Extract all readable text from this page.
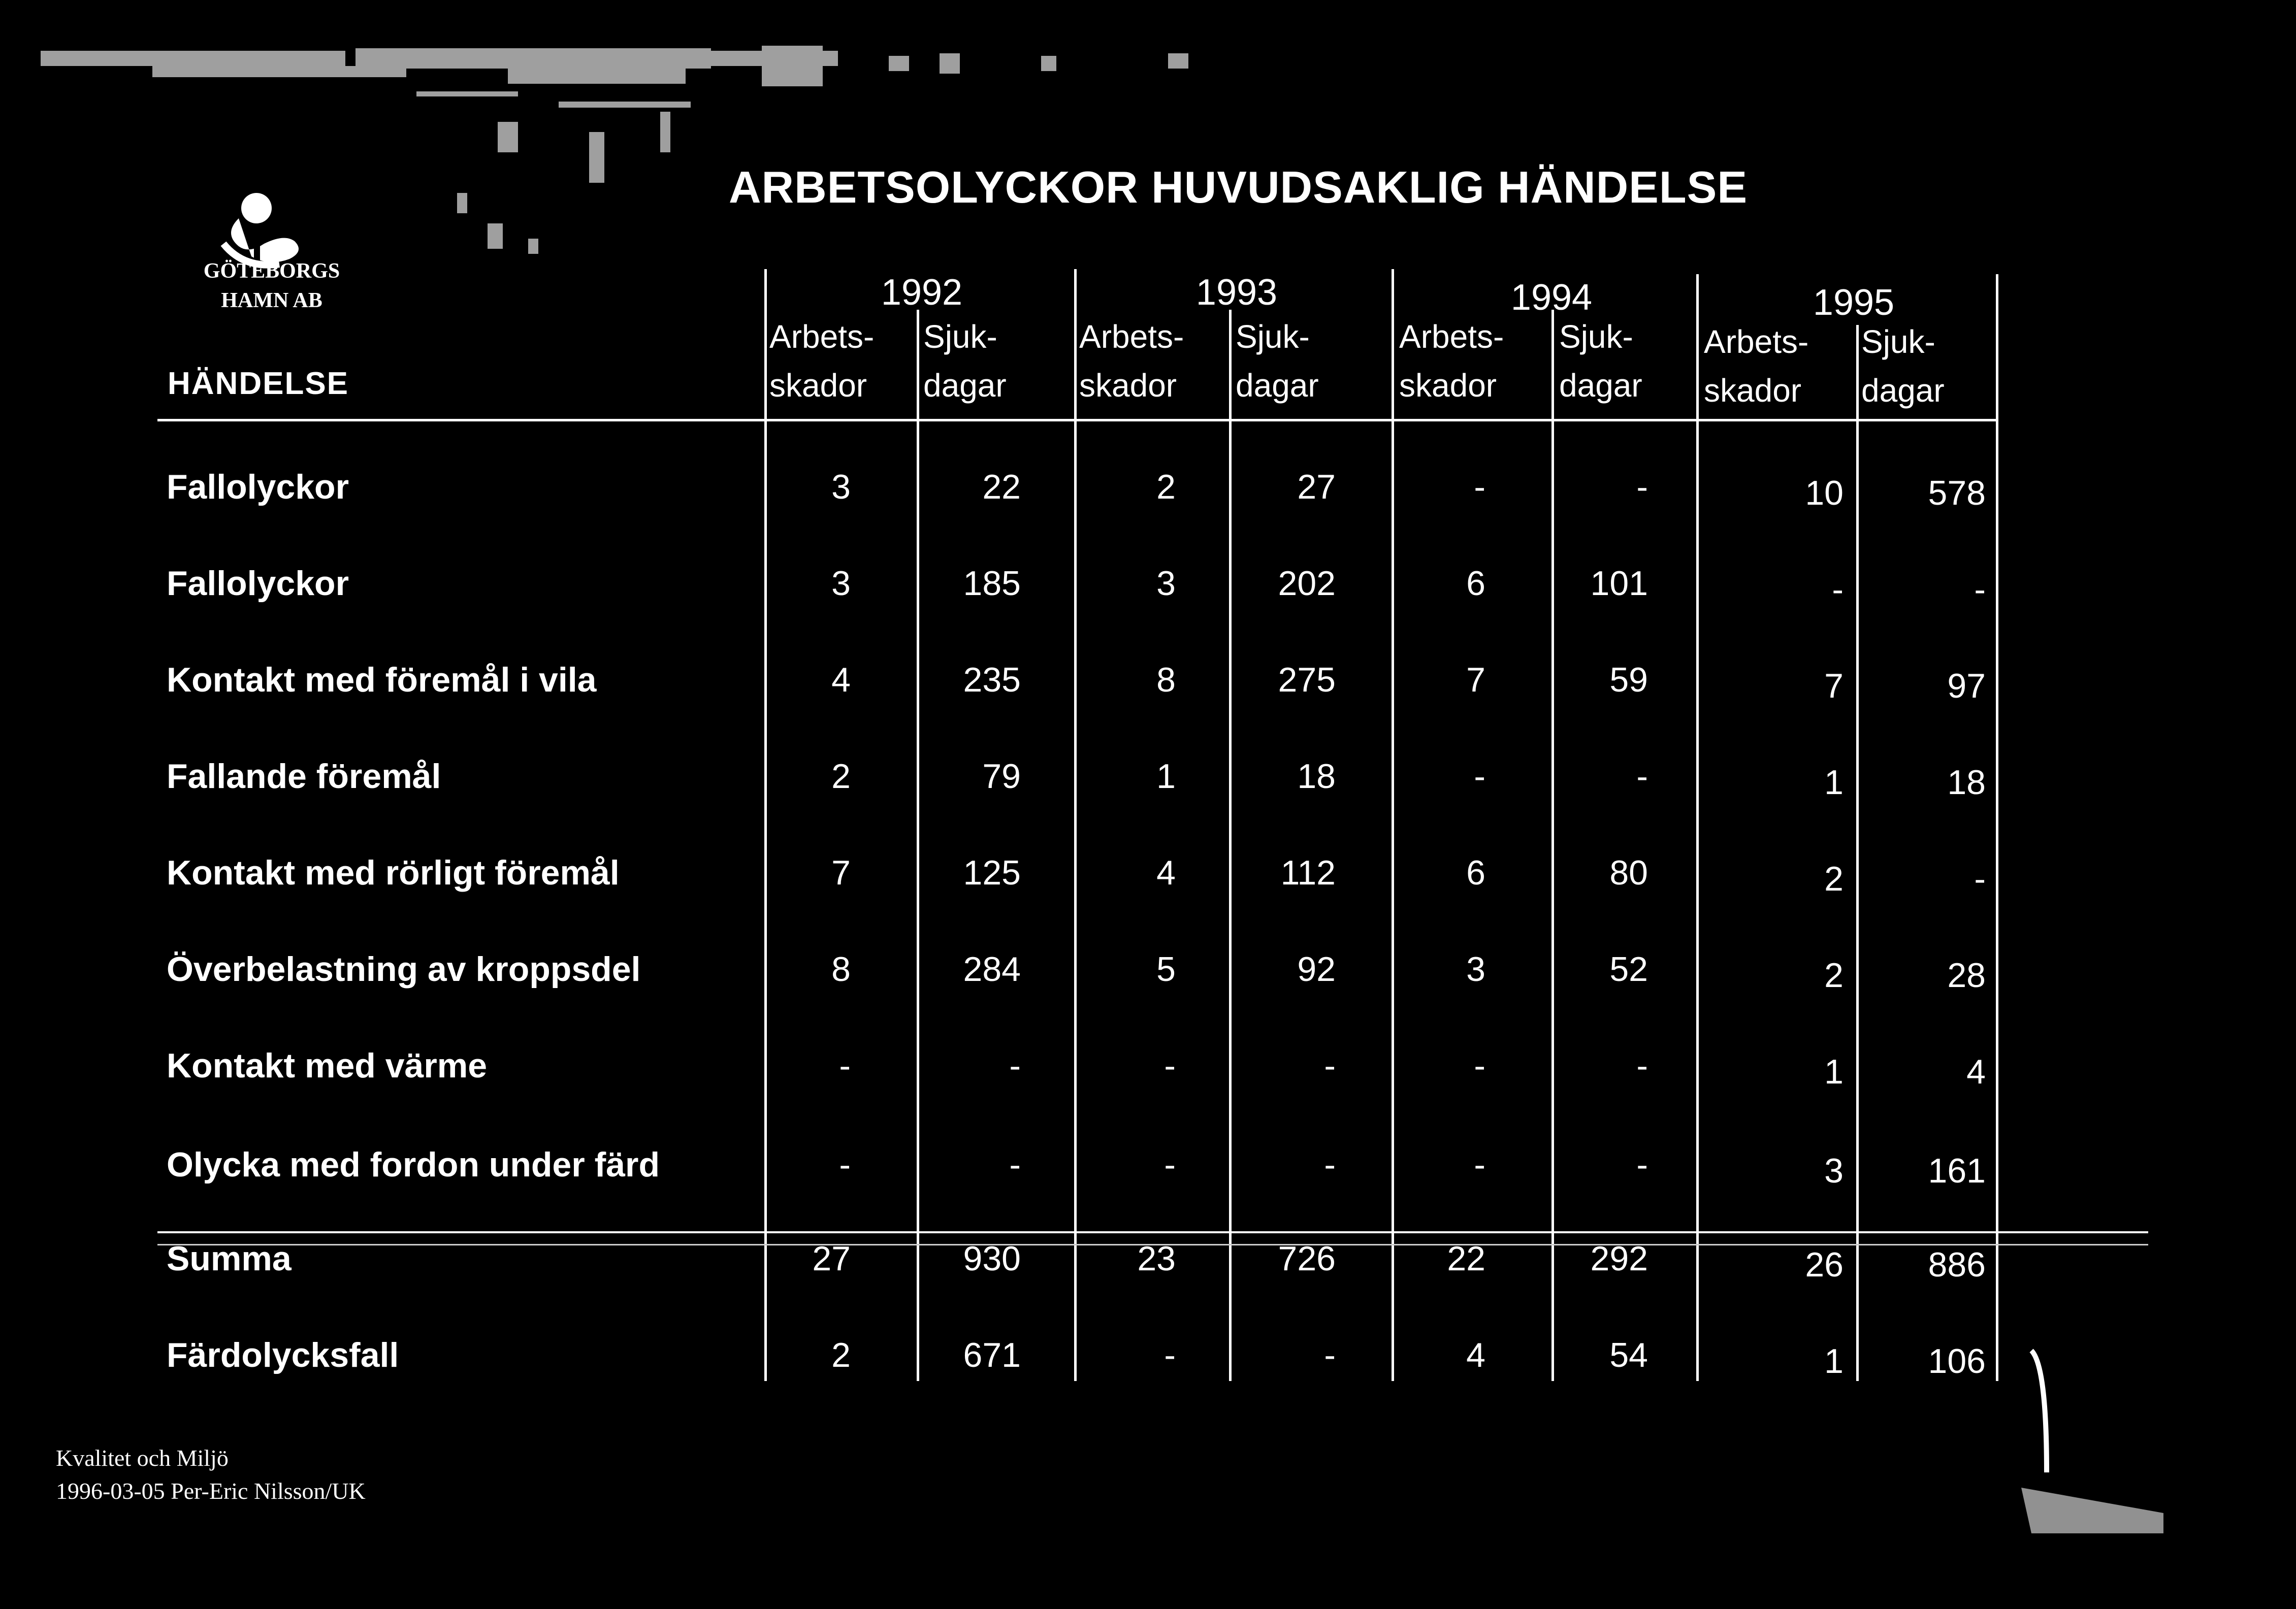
GÖTEBORGS
HAMN AB
HÄNDELSE
ARBETSOLYCKOR HUVUDSAKLIG HÄNDELSE
1992	1993	1994	1995
Arbets-
skador
Sjuk-
dagar
Arbets-
skador
Sjuk-
dagar
Arbets-
skador
Sjuk-
dagar
Arbets-
skador
Sjuk-
dagar
Fallolyckor	3	22	2	27	-	-	10	578
Fallolyckor	3	185	3	202	6	101	-	-
Kontakt med föremål i vila	4	235	8	275	7	59	7	97
Fallande föremål	2	79	1	18	-	-	1	18
Kontakt med rörligt föremål	7	125	4	112	6	80	2	-
Överbelastning av kroppsdel	8	284	5	92	3	52	2	28
Kontakt med värme	-	-	-	-	-	-	1	4
Olycka med fordon under färd	-	-	-	-	-	-	3	161
Summa	27	930	23	726	22	292	26	886
Färdolycksfall	2	671	-	-	4	54	1	106
Kvalitet och Miljö
1996-03-05 Per-Eric Nilsson/UK
